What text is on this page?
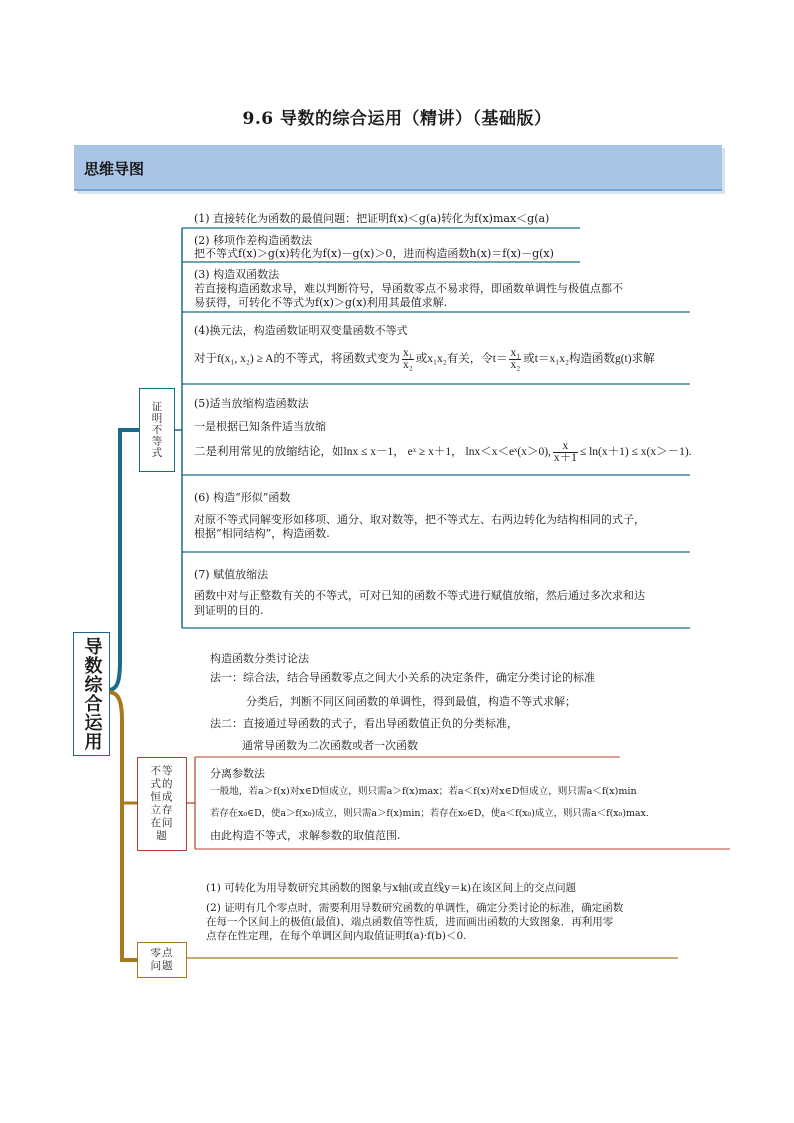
9.6 导数的综合运用（精讲）（基础版）
思维导图
导数综合运用
证明不等式
不等式的恒成立存在问题
零点问题
(1) 直接转化为函数的最值问题：把证明f(x)＜g(a)转化为f(x)max＜g(a)
(2) 移项作差构造函数法
把不等式f(x)＞g(x)转化为f(x)－g(x)＞0，进而构造函数h(x)＝f(x)－g(x)
(3) 构造双函数法
若直接构造函数求导，难以判断符号，导函数零点不易求得，即函数单调性与极值点都不
易获得，可转化不等式为f(x)＞g(x)利用其最值求解.
(4)换元法，构造函数证明双变量函数不等式
对于f(x₁, x₂) ≥ A的不等式，将函数式变为 $\frac{\text{x₁}}{\text{x₂}}$ 或x₁x₂有关，令$t= \frac{\text{x₁}}{\text{x₂}}$ 或t＝x₁x₂构造函数g(t)求解
(5)适当放缩构造函数法
一是根据已知条件适当放缩
二是利用常见的放缩结论，如lnx ≤ x－1， eˣ ≥ x＋1， lnx＜x＜eˣ(x＞0), $\frac{x}{x+1} \le \ln(x+1) \le x(x>-1)$.
(6) 构造“形似”函数
对原不等式同解变形如移项、通分、取对数等，把不等式左、右两边转化为结构相同的式子，
根据“相同结构”，构造函数.
(7) 赋值放缩法
函数中对与正整数有关的不等式，可对已知的函数不等式进行赋值放缩，然后通过多次求和达
到证明的目的.
构造函数分类讨论法
法一：综合法，结合导函数零点之间大小关系的决定条件，确定分类讨论的标准
分类后，判断不同区间函数的单调性，得到最值，构造不等式求解；
法二：直接通过导函数的式子，看出导函数值正负的分类标准，
通常导函数为二次函数或者一次函数
分离参数法
一般地，若a＞f(x)对x∈D恒成立，则只需a＞f(x)max；若a＜f(x)对x∈D恒成立，则只需a＜f(x)min
若存在x₀∈D，使a＞f(x₀)成立，则只需a＞f(x)min；若存在x₀∈D，使a＜f(x₀)成立，则只需a＜f(x₀)max.
由此构造不等式，求解参数的取值范围.
(1) 可转化为用导数研究其函数的图象与x轴(或直线y＝k)在该区间上的交点问题
(2) 证明有几个零点时，需要利用导数研究函数的单调性，确定分类讨论的标准，确定函数
在每一个区间上的极值(最值)、端点函数值等性质，进而画出函数的大致图象．再利用零
点存在性定理，在每个单调区间内取值证明f(a)·f(b)＜0.
